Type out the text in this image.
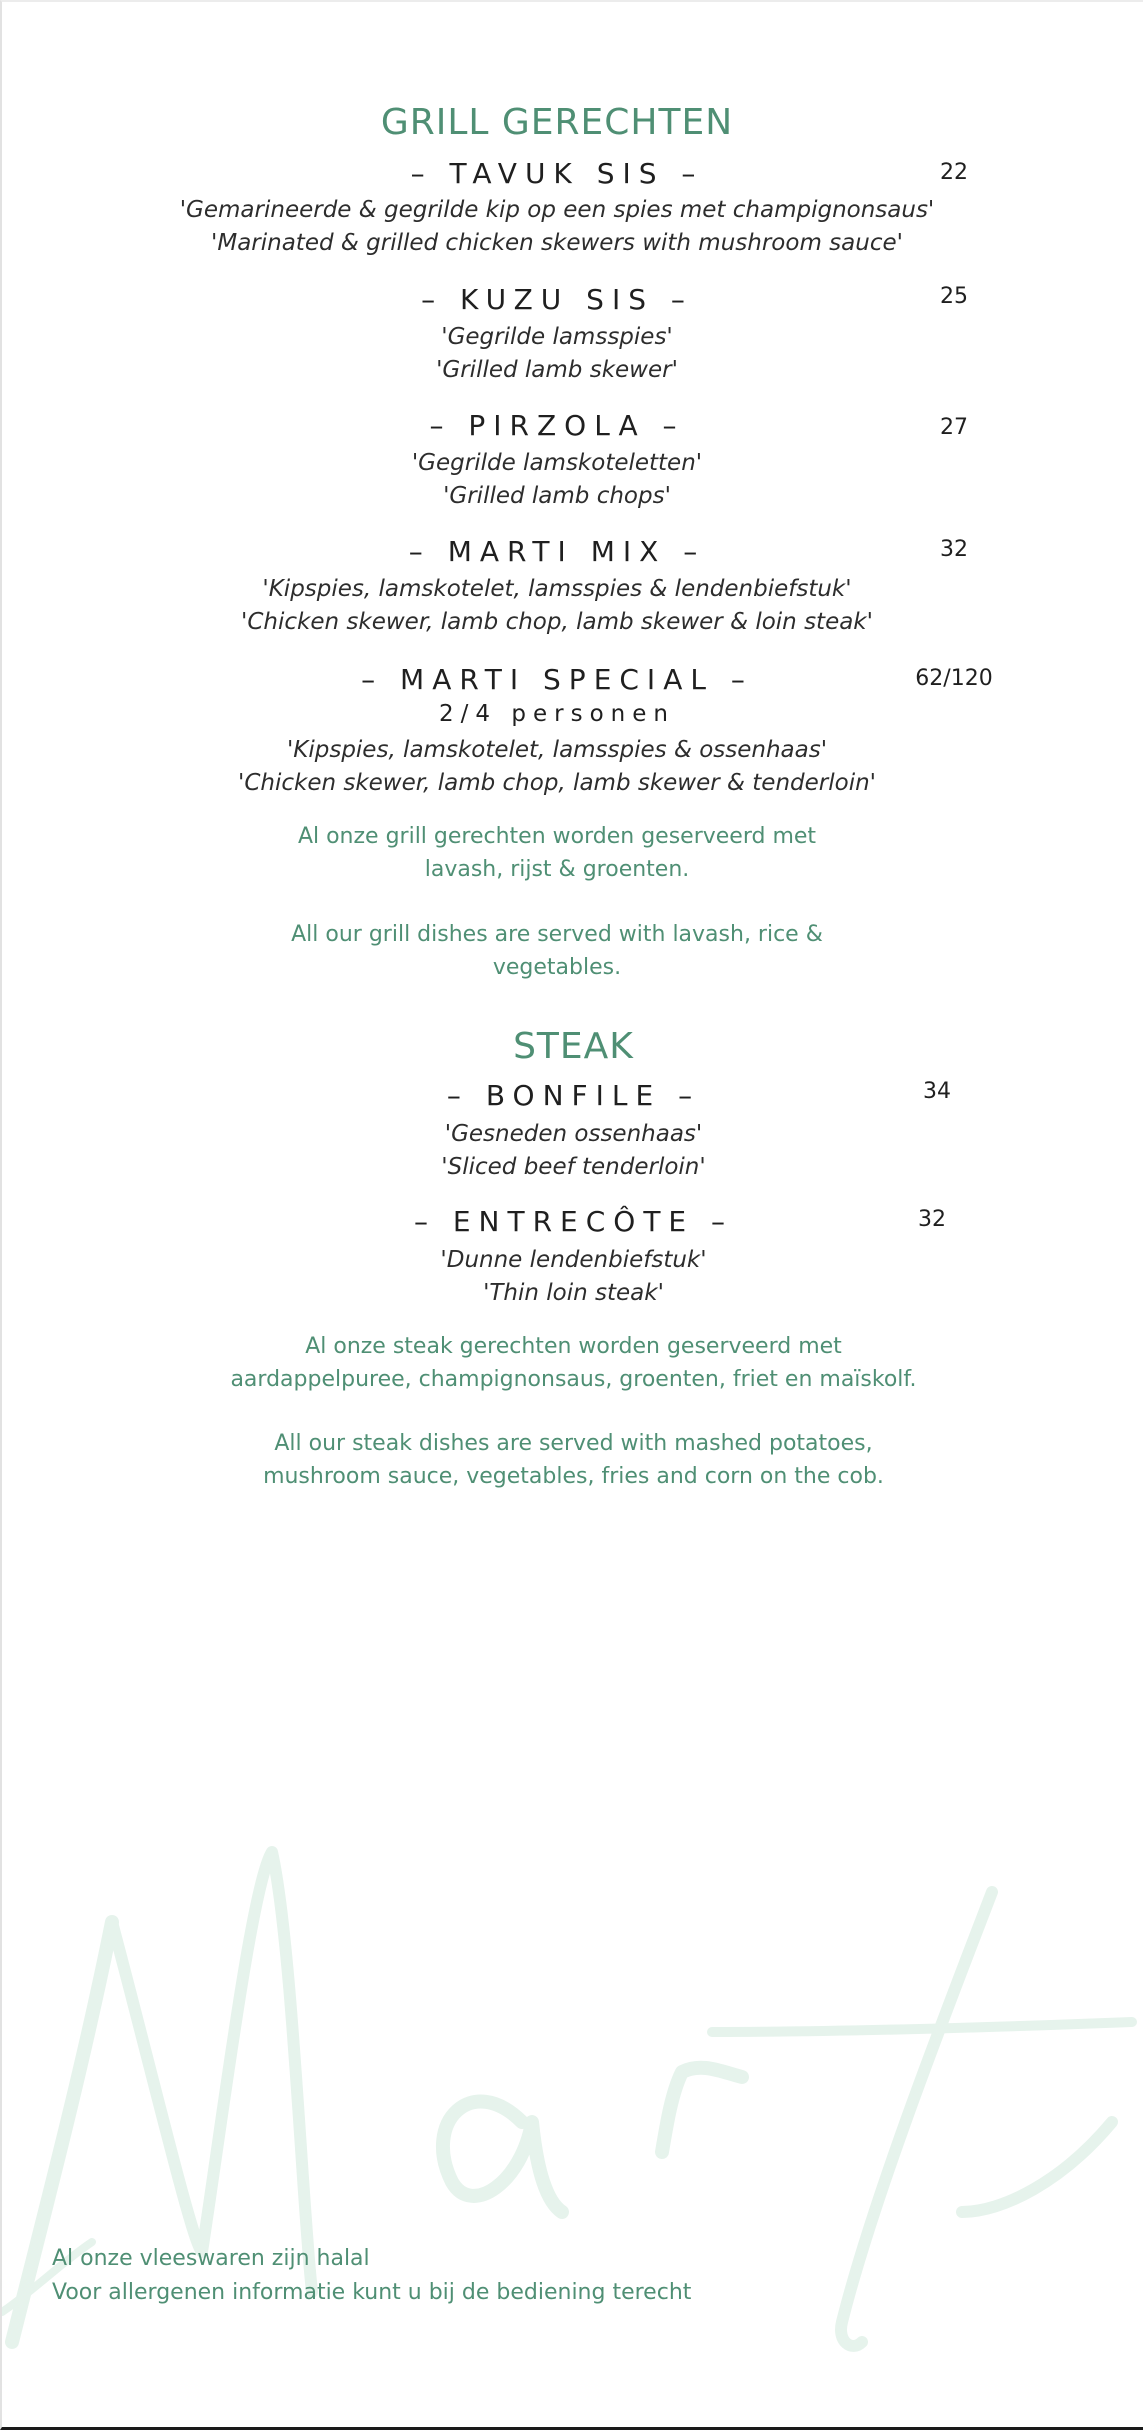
GRILL GERECHTEN
– TAVUK SIS –	22
'Gemarineerde & gegrilde kip op een spies met champignonsaus'
'Marinated & grilled chicken skewers with mushroom sauce'
– KUZU SIS –	25
'Gegrilde lamsspies'
'Grilled lamb skewer'
– PIRZOLA –	27
'Gegrilde lamskoteletten'
'Grilled lamb chops'
– MARTI MIX –	32
'Kipspies, lamskotelet, lamsspies & lendenbiefstuk'
'Chicken skewer, lamb chop, lamb skewer & loin steak'
– MARTI SPECIAL –	62/120
2/4 personen
'Kipspies, lamskotelet, lamsspies & ossenhaas'
'Chicken skewer, lamb chop, lamb skewer & tenderloin'
Al onze grill gerechten worden geserveerd met
lavash, rijst & groenten.
All our grill dishes are served with lavash, rice &
vegetables.
STEAK
– BONFILE –	34
'Gesneden ossenhaas'
'Sliced beef tenderloin'
– ENTRECÔTE –	32
'Dunne lendenbiefstuk'
'Thin loin steak'
Al onze steak gerechten worden geserveerd met
aardappelpuree, champignonsaus, groenten, friet en maïskolf.
All our steak dishes are served with mashed potatoes,
mushroom sauce, vegetables, fries and corn on the cob.
Al onze vleeswaren zijn halal
Voor allergenen informatie kunt u bij de bediening terecht
